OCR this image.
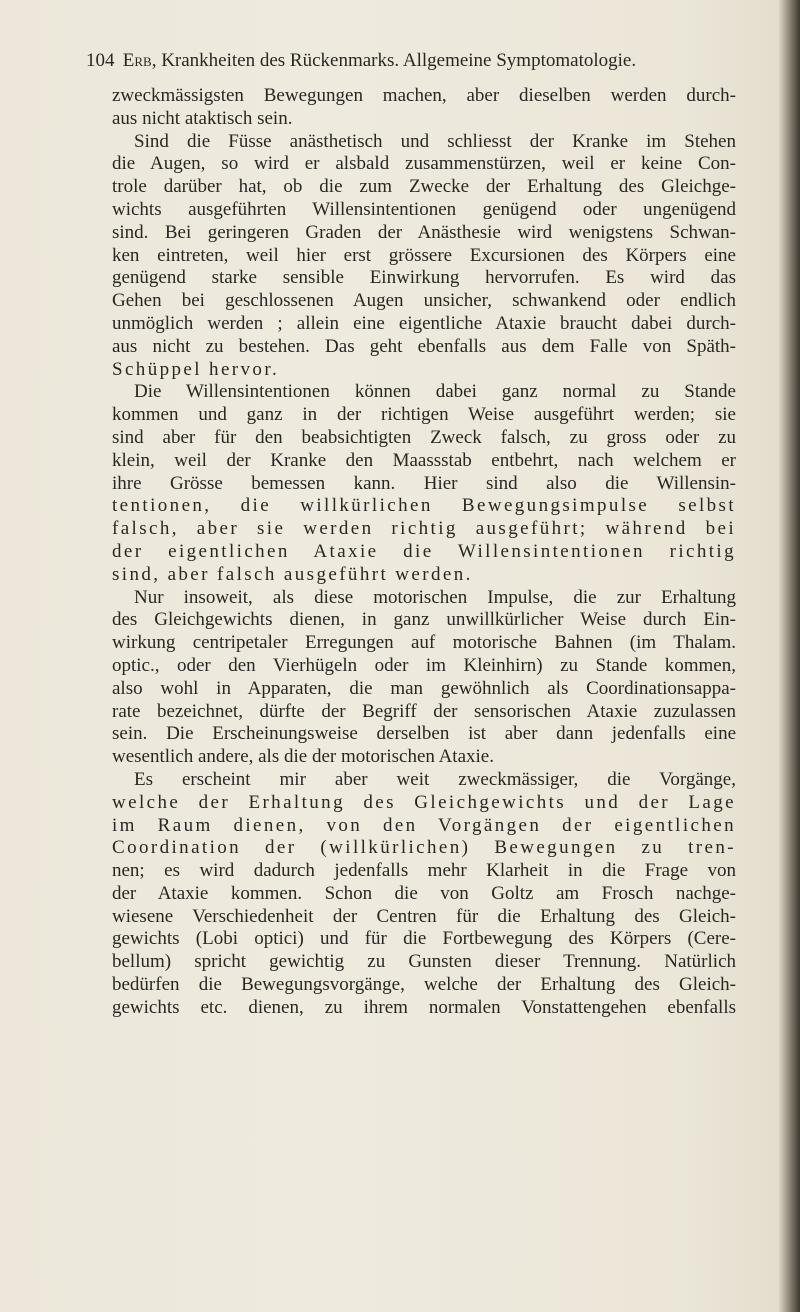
104 Erb, Krankheiten des Rückenmarks. Allgemeine Symptomatologie.
zweckmässigsten Bewegungen machen, aber dieselben werden durch-
aus nicht ataktisch sein.
Sind die Füsse anästhetisch und schliesst der Kranke im Stehen
die Augen, so wird er alsbald zusammenstürzen, weil er keine Con-
trole darüber hat, ob die zum Zwecke der Erhaltung des Gleichge-
wichts ausgeführten Willensintentionen genügend oder ungenügend
sind. Bei geringeren Graden der Anästhesie wird wenigstens Schwan-
ken eintreten, weil hier erst grössere Excursionen des Körpers eine
genügend starke sensible Einwirkung hervorrufen. Es wird das
Gehen bei geschlossenen Augen unsicher, schwankend oder endlich
unmöglich werden ; allein eine eigentliche Ataxie braucht dabei durch-
aus nicht zu bestehen. Das geht ebenfalls aus dem Falle von Späth-
Schüppel hervor.
Die Willensintentionen können dabei ganz normal zu Stande
kommen und ganz in der richtigen Weise ausgeführt werden; sie
sind aber für den beabsichtigten Zweck falsch, zu gross oder zu
klein, weil der Kranke den Maassstab entbehrt, nach welchem er
ihre Grösse bemessen kann. Hier sind also die Willensin-
tentionen, die willkürlichen Bewegungsimpulse selbst
falsch, aber sie werden richtig ausgeführt; während bei
der eigentlichen Ataxie die Willensintentionen richtig
sind, aber falsch ausgeführt werden.
Nur insoweit, als diese motorischen Impulse, die zur Erhaltung
des Gleichgewichts dienen, in ganz unwillkürlicher Weise durch Ein-
wirkung centripetaler Erregungen auf motorische Bahnen (im Thalam.
optic., oder den Vierhügeln oder im Kleinhirn) zu Stande kommen,
also wohl in Apparaten, die man gewöhnlich als Coordinationsappa-
rate bezeichnet, dürfte der Begriff der sensorischen Ataxie zuzulassen
sein. Die Erscheinungsweise derselben ist aber dann jedenfalls eine
wesentlich andere, als die der motorischen Ataxie.
Es erscheint mir aber weit zweckmässiger, die Vorgänge,
welche der Erhaltung des Gleichgewichts und der Lage
im Raum dienen, von den Vorgängen der eigentlichen
Coordination der (willkürlichen) Bewegungen zu tren-
nen; es wird dadurch jedenfalls mehr Klarheit in die Frage von
der Ataxie kommen. Schon die von Goltz am Frosch nachge-
wiesene Verschiedenheit der Centren für die Erhaltung des Gleich-
gewichts (Lobi optici) und für die Fortbewegung des Körpers (Cere-
bellum) spricht gewichtig zu Gunsten dieser Trennung. Natürlich
bedürfen die Bewegungsvorgänge, welche der Erhaltung des Gleich-
gewichts etc. dienen, zu ihrem normalen Vonstattengehen ebenfalls
